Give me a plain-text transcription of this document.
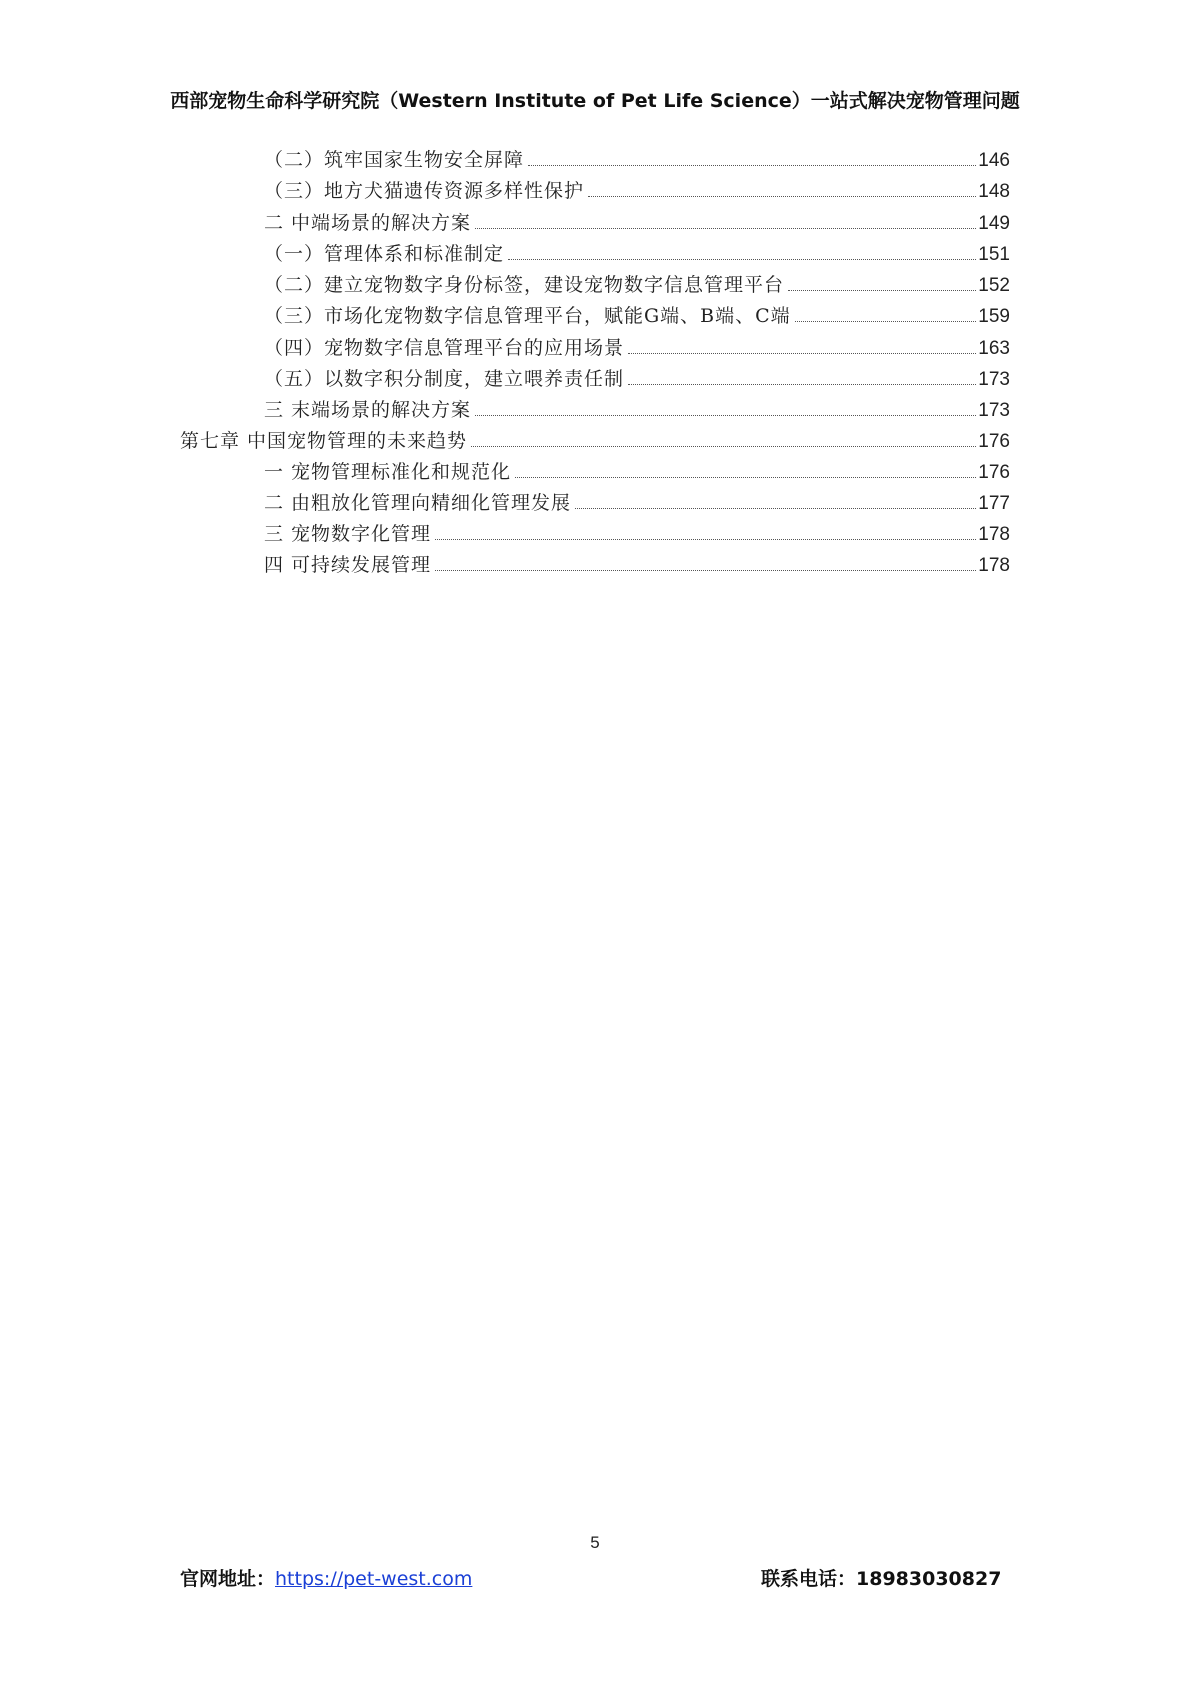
西部宠物生命科学研究院（Western Institute of Pet Life Science）一站式解决宠物管理问题
（二）筑牢国家生物安全屏障	146
（三）地方犬猫遗传资源多样性保护	148
二 中端场景的解决方案	149
（一）管理体系和标准制定	151
（二）建立宠物数字身份标签，建设宠物数字信息管理平台	152
（三）市场化宠物数字信息管理平台，赋能G端、B端、C端	159
（四）宠物数字信息管理平台的应用场景	163
（五）以数字积分制度，建立喂养责任制	173
三 末端场景的解决方案	173
第七章 中国宠物管理的未来趋势	176
一 宠物管理标准化和规范化	176
二 由粗放化管理向精细化管理发展	177
三 宠物数字化管理	178
四 可持续发展管理	178
5
官网地址：https://pet-west.com	联系电话：18983030827
